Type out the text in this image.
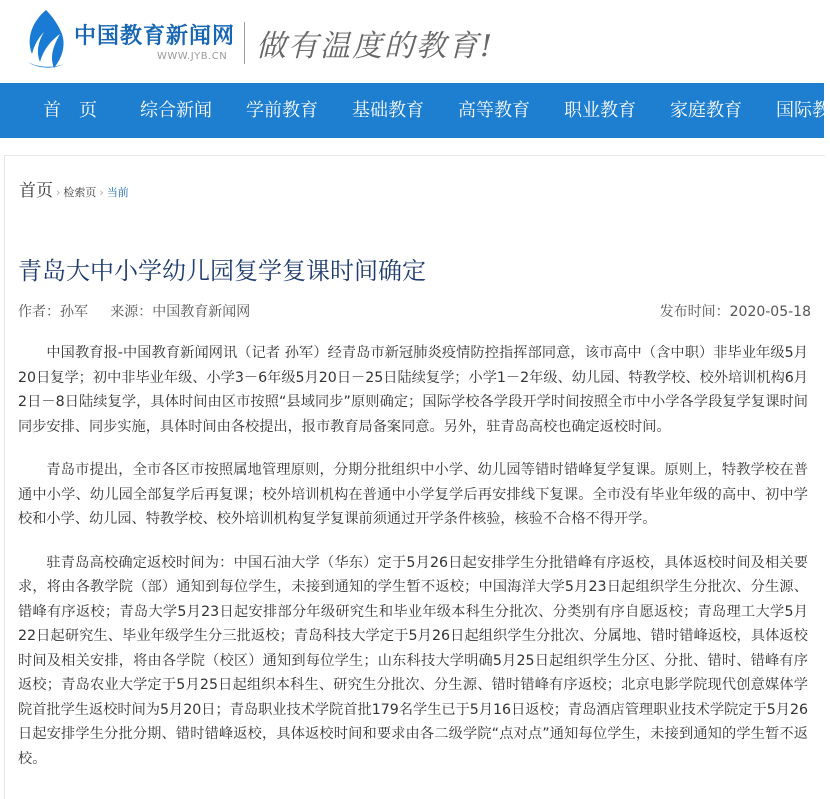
中国教育新闻网
WWW.JYB.CN 做有温度的教育!
首　页 综合新闻 学前教育 基础教育 高等教育 职业教育 家庭教育 国际教
首页 › 检索页 › 当前
青岛大中小学幼儿园复学复课时间确定
作者：孙军 来源：中国教育新闻网	发布时间：2020-05-18

中国教育报-中国教育新闻网讯（记者 孙军）经青岛市新冠肺炎疫情防控指挥部同意，该市高中（含中职）非毕业年级5月20日复学；初中非毕业年级、小学3－6年级5月20日－25日陆续复学；小学1－2年级、幼儿园、特教学校、校外培训机构6月2日－8日陆续复学，具体时间由区市按照“县域同步”原则确定；国际学校各学段开学时间按照全市中小学各学段复学复课时间同步安排、同步实施，具体时间由各校提出，报市教育局备案同意。另外，驻青岛高校也确定返校时间。

青岛市提出，全市各区市按照属地管理原则，分期分批组织中小学、幼儿园等错时错峰复学复课。原则上，特教学校在普通中小学、幼儿园全部复学后再复课；校外培训机构在普通中小学复学后再安排线下复课。全市没有毕业年级的高中、初中学校和小学、幼儿园、特教学校、校外培训机构复学复课前须通过开学条件核验，核验不合格不得开学。

驻青岛高校确定返校时间为：中国石油大学（华东）定于5月26日起安排学生分批错峰有序返校，具体返校时间及相关要求，将由各教学院（部）通知到每位学生，未接到通知的学生暂不返校；中国海洋大学5月23日起组织学生分批次、分生源、错峰有序返校；青岛大学5月23日起安排部分年级研究生和毕业年级本科生分批次、分类别有序自愿返校；青岛理工大学5月22日起研究生、毕业年级学生分三批返校；青岛科技大学定于5月26日起组织学生分批次、分属地、错时错峰返校，具体返校时间及相关安排，将由各学院（校区）通知到每位学生；山东科技大学明确5月25日起组织学生分区、分批、错时、错峰有序返校；青岛农业大学定于5月25日起组织本科生、研究生分批次、分生源、错时错峰有序返校；北京电影学院现代创意媒体学院首批学生返校时间为5月20日；青岛职业技术学院首批179名学生已于5月16日返校；青岛酒店管理职业技术学院定于5月26日起安排学生分批分期、错时错峰返校，具体返校时间和要求由各二级学院“点对点”通知每位学生，未接到通知的学生暂不返校。
